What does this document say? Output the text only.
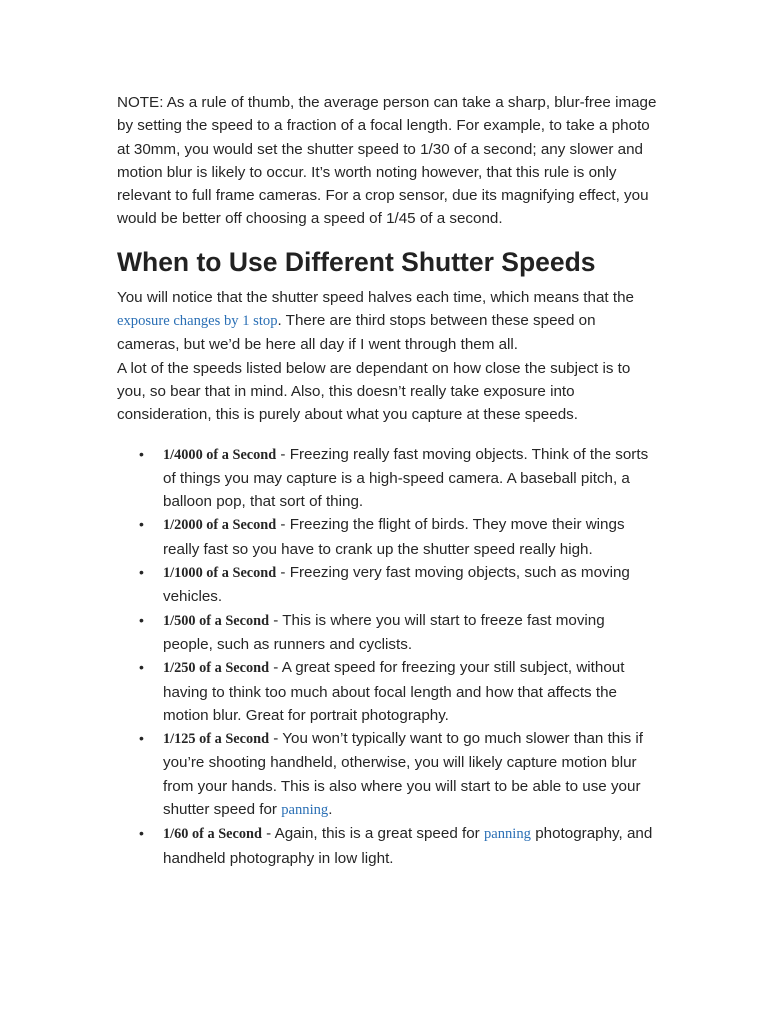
NOTE: As a rule of thumb, the average person can take a sharp, blur-free image by setting the speed to a fraction of a focal length. For example, to take a photo at 30mm, you would set the shutter speed to 1/30 of a second; any slower and motion blur is likely to occur. It’s worth noting however, that this rule is only relevant to full frame cameras. For a crop sensor, due its magnifying effect, you would be better off choosing a speed of 1/45 of a second.

When to Use Different Shutter Speeds

You will notice that the shutter speed halves each time, which means that the exposure changes by 1 stop. There are third stops between these speed on cameras, but we’d be here all day if I went through them all.

A lot of the speeds listed below are dependant on how close the subject is to you, so bear that in mind. Also, this doesn’t really take exposure into consideration, this is purely about what you capture at these speeds.

• 1/4000 of a Second - Freezing really fast moving objects. Think of the sorts of things you may capture is a high-speed camera. A baseball pitch, a balloon pop, that sort of thing.
• 1/2000 of a Second - Freezing the flight of birds. They move their wings really fast so you have to crank up the shutter speed really high.
• 1/1000 of a Second - Freezing very fast moving objects, such as moving vehicles.
• 1/500 of a Second - This is where you will start to freeze fast moving people, such as runners and cyclists.
• 1/250 of a Second - A great speed for freezing your still subject, without having to think too much about focal length and how that affects the motion blur. Great for portrait photography.
• 1/125 of a Second - You won’t typically want to go much slower than this if you’re shooting handheld, otherwise, you will likely capture motion blur from your hands. This is also where you will start to be able to use your shutter speed for panning.
• 1/60 of a Second - Again, this is a great speed for panning photography, and handheld photography in low light.
